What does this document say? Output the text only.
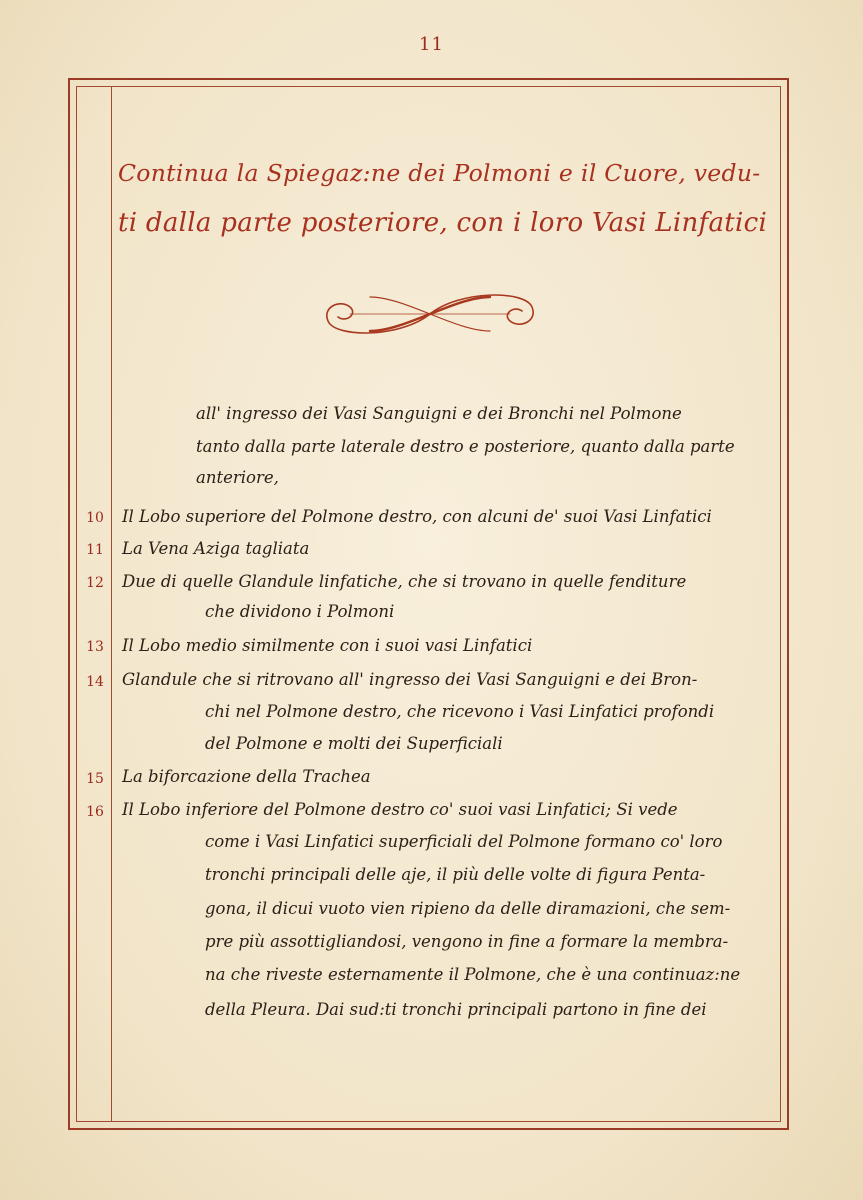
11
Continua la Spiegaz:ne dei Polmoni e il Cuore, vedu-
ti dalla parte posteriore, con i loro Vasi Linfatici
all' ingresso dei Vasi Sanguigni e dei Bronchi nel Polmone
tanto dalla parte laterale destro e posteriore, quanto dalla parte
anteriore,
10 Il Lobo superiore del Polmone destro, con alcuni de' suoi Vasi Linfatici
11 La Vena Aziga tagliata
12 Due di quelle Glandule linfatiche, che si trovano in quelle fenditure
che dividono i Polmoni
13 Il Lobo medio similmente con i suoi vasi Linfatici
14 Glandule che si ritrovano all' ingresso dei Vasi Sanguigni e dei Bron-
chi nel Polmone destro, che ricevono i Vasi Linfatici profondi
del Polmone e molti dei Superficiali
15 La biforcazione della Trachea
16 Il Lobo inferiore del Polmone destro co' suoi vasi Linfatici; Si vede
come i Vasi Linfatici superficiali del Polmone formano co' loro
tronchi principali delle aje, il più delle volte di figura Penta-
gona, il dicui vuoto vien ripieno da delle diramazioni, che sem-
pre più assottigliandosi, vengono in fine a formare la membra-
na che riveste esternamente il Polmone, che è una continuaz:ne
della Pleura. Dai sud:ti tronchi principali partono in fine dei
